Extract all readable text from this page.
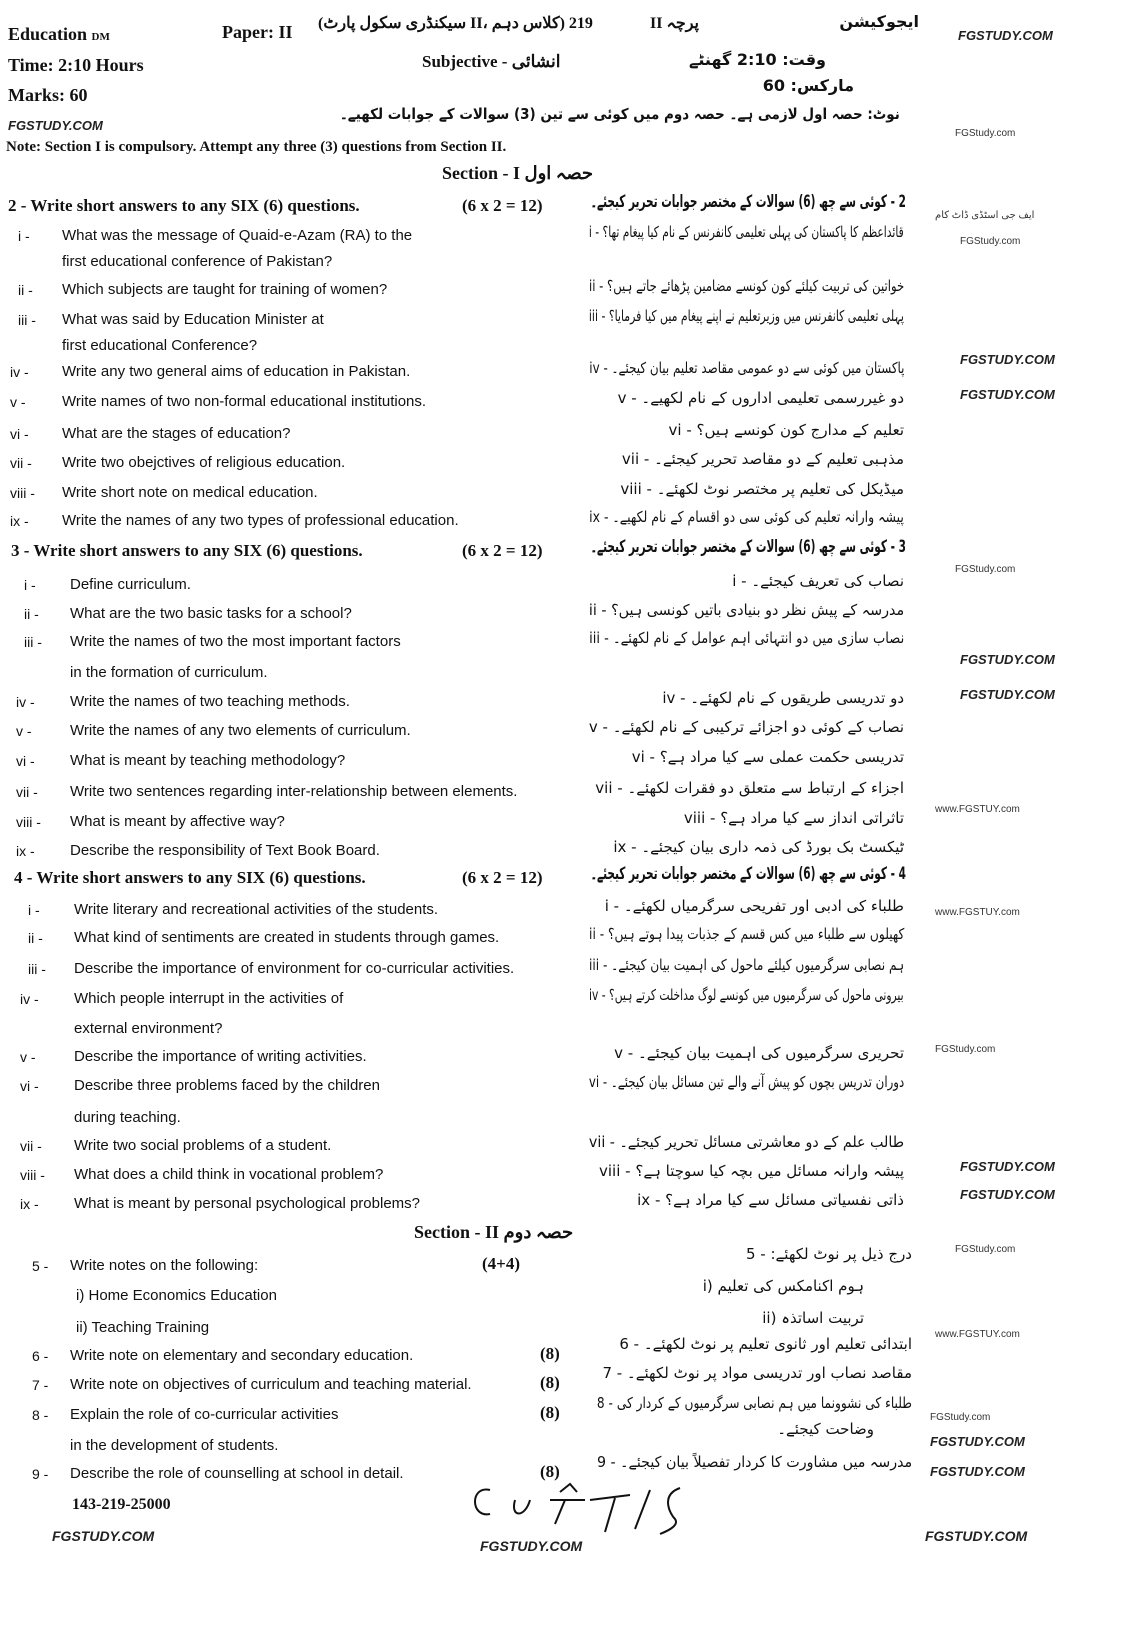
Education DM	Paper: II (سیکنڈری سکول پارٹ II، کلاس دہم) 219	پرچہ II	ایجوکیشن
Time: 2:10 Hours	Subjective - انشائی	وقت: 2:10 گھنٹے
Marks: 60	مارکس: 60
نوٹ: حصہ اول لازمی ہے۔ حصہ دوم میں کوئی سے تین (3) سوالات کے جوابات لکھیے۔
Note: Section I is compulsory. Attempt any three (3) questions from Section II.
Section - I حصہ اول
FGSTUDY.COM
FGSTUDY.COM
FGStudy.com
ایف جی اسٹڈی ڈاٹ کام
FGStudy.com
FGSTUDY.COM
FGSTUDY.COM
FGStudy.com
FGSTUDY.COM
FGSTUDY.COM
www.FGSTUY.com
www.FGSTUY.com
FGStudy.com
FGSTUDY.COM
FGSTUDY.COM
FGStudy.com
www.FGSTUY.com
FGStudy.com
FGSTUDY.COM
FGSTUDY.COM
2 - Write short answers to any SIX (6) questions.	(6 x 2 = 12)	2 - کوئی سے چھ (6) سوالات کے مختصر جوابات تحریر کیجئے۔
i - What was the message of Quaid-e-Azam (RA) to the
first educational conference of Pakistan?
قائداعظم کا پاکستان کی پہلی تعلیمی کانفرنس کے نام کیا پیغام تھا؟ - i
ii - Which subjects are taught for training of women?	خواتین کی تربیت کیلئے کون کونسے مضامین پڑھائے جاتے ہیں؟ - ii
iii - What was said by Education Minister at
first educational Conference?
پہلی تعلیمی کانفرنس میں وزیرتعلیم نے اپنے پیغام میں کیا فرمایا؟ - iii
iv - Write any two general aims of education in Pakistan.	پاکستان میں کوئی سے دو عمومی مقاصد تعلیم بیان کیجئے۔ - iv
v - Write names of two non-formal educational institutions.	دو غیررسمی تعلیمی اداروں کے نام لکھیے۔ - v
vi - What are the stages of education?	تعلیم کے مدارج کون کونسے ہیں؟ - vi
vii - Write two obejctives of religious education.	مذہبی تعلیم کے دو مقاصد تحریر کیجئے۔ - vii
viii - Write short note on medical education.	میڈیکل کی تعلیم پر مختصر نوٹ لکھئے۔ - viii
ix - Write the names of any two types of professional education.	پیشہ وارانہ تعلیم کی کوئی سی دو اقسام کے نام لکھیے۔ - ix
3 - Write short answers to any SIX (6) questions.	(6 x 2 = 12)	3 - کوئی سے چھ (6) سوالات کے مختصر جوابات تحریر کیجئے۔
i - Define curriculum.	نصاب کی تعریف کیجئے۔ - i
ii - What are the two basic tasks for a school?	مدرسہ کے پیش نظر دو بنیادی باتیں کونسی ہیں؟ - ii
iii - Write the names of two the most important factors
in the formation of curriculum.
نصاب سازی میں دو انتہائی اہم عوامل کے نام لکھئے۔ - iii
iv - Write the names of two teaching methods.	دو تدریسی طریقوں کے نام لکھئے۔ - iv
v -	Write the names of any two elements of curriculum.	نصاب کے کوئی دو اجزائے ترکیبی کے نام لکھئے۔ - v
vi - What is meant by teaching methodology?	تدریسی حکمت عملی سے کیا مراد ہے؟ - vi
vii - Write two sentences regarding inter-relationship between elements.	اجزاء کے ارتباط سے متعلق دو فقرات لکھئے۔ - vii
viii - What is meant by affective way?	تاثراتی انداز سے کیا مراد ہے؟ - viii
ix - Describe the responsibility of Text Book Board.	ٹیکسٹ بک بورڈ کی ذمہ داری بیان کیجئے۔ - ix
4 - Write short answers to any SIX (6) questions.	(6 x 2 = 12)	4 - کوئی سے چھ (6) سوالات کے مختصر جوابات تحریر کیجئے۔
i - Write literary and recreational activities of the students.	طلباء کی ادبی اور تفریحی سرگرمیاں لکھئے۔ - i
ii - What kind of sentiments are created in students through games.	کھیلوں سے طلباء میں کس قسم کے جذبات پیدا ہوتے ہیں؟ - ii
iii - Describe the importance of environment for co-curricular activities.	ہم نصابی سرگرمیوں کیلئے ماحول کی اہمیت بیان کیجئے۔ - iii
iv - Which people interrupt in the activities of
external environment?
بیرونی ماحول کی سرگرمیوں میں کونسے لوگ مداخلت کرتے ہیں؟ - iv
v -	Describe the importance of writing activities.	تحریری سرگرمیوں کی اہمیت بیان کیجئے۔ - v
vi - Describe three problems faced by the children
during teaching.
دوران تدریس بچوں کو پیش آنے والے تین مسائل بیان کیجئے۔ - vi
vii - Write two social problems of a student.	طالب علم کے دو معاشرتی مسائل تحریر کیجئے۔ - vii
viii - What does a child think in vocational problem?	پیشہ وارانہ مسائل میں بچہ کیا سوچتا ہے؟ - viii
ix - What is meant by personal psychological problems?	ذاتی نفسیاتی مسائل سے کیا مراد ہے؟ - ix
5 - Write notes on the following:	(4+4)	درج ذیل پر نوٹ لکھئے: - 5
i) Home Economics Education
ہوم اکنامکس کی تعلیم (i
ii) Teaching Training
تربیت اساتذہ (ii
6 - Write note on elementary and secondary education.	(8)	ابتدائی تعلیم اور ثانوی تعلیم پر نوٹ لکھئے۔ - 6
7 - Write note on objectives of curriculum and teaching material.	(8)	مقاصد نصاب اور تدریسی مواد پر نوٹ لکھئے۔ - 7
8 - Explain the role of co-curricular activities
in the development of students.
(8) طلباء کی نشوونما میں ہم نصابی سرگرمیوں کے کردار کی - 8
وضاحت کیجئے۔
9 - Describe the role of counselling at school in detail.	(8) مدرسہ میں مشاورت کا کردار تفصیلاً بیان کیجئے۔ - 9
Section - II حصہ دوم
143-219-25000
FGSTUDY.COM
FGSTUDY.COM
FGSTUDY.COM
